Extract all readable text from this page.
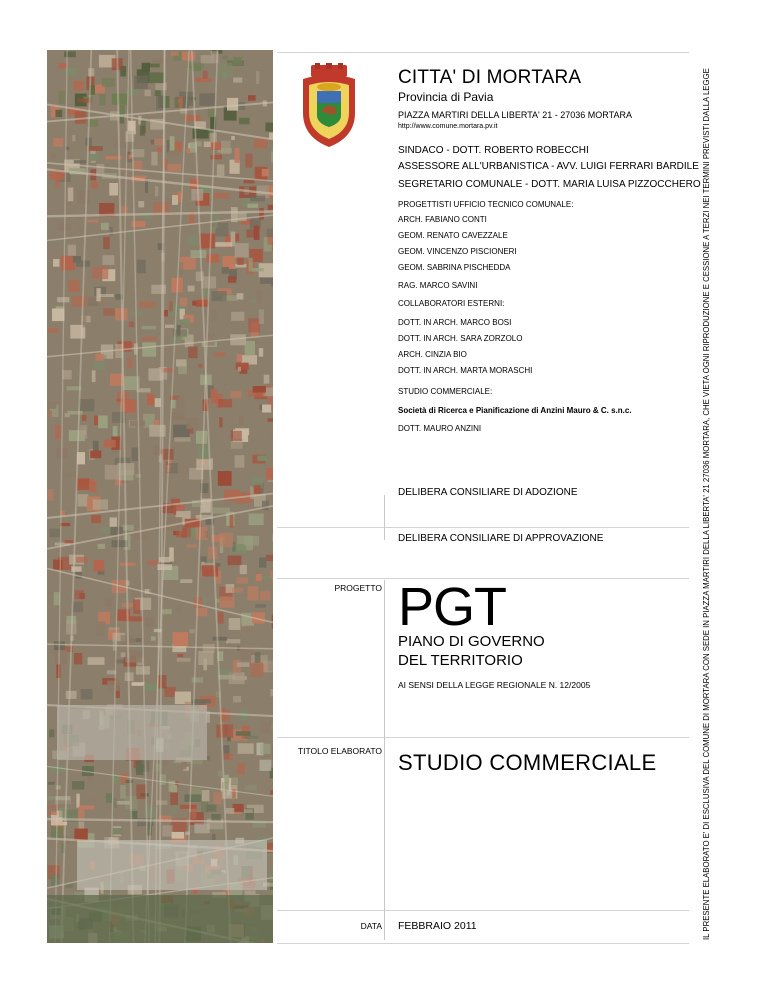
CITTA' DI MORTARA
Provincia di Pavia
PIAZZA MARTIRI DELLA LIBERTA' 21 - 27036 MORTARA
http://www.comune.mortara.pv.it
SINDACO - DOTT. ROBERTO ROBECCHI
ASSESSORE ALL'URBANISTICA - AVV. LUIGI FERRARI BARDILE
SEGRETARIO COMUNALE - DOTT. MARIA LUISA PIZZOCCHERO
PROGETTISTI UFFICIO TECNICO COMUNALE:
ARCH. FABIANO CONTI
GEOM. RENATO CAVEZZALE
GEOM. VINCENZO PISCIONERI
GEOM. SABRINA PISCHEDDA
RAG. MARCO SAVINI
COLLABORATORI ESTERNI:
DOTT. IN ARCH. MARCO BOSI
DOTT. IN ARCH. SARA ZORZOLO
ARCH. CINZIA BIO
DOTT. IN ARCH. MARTA MORASCHI
STUDIO COMMERCIALE:
Società di Ricerca e Pianificazione di Anzini Mauro & C. s.n.c.
DOTT. MAURO ANZINI
DELIBERA CONSILIARE DI ADOZIONE
DELIBERA CONSILIARE DI APPROVAZIONE
PROGETTO PGT
PIANO DI GOVERNO
DEL TERRITORIO
AI SENSI DELLA LEGGE REGIONALE N. 12/2005
TITOLO ELABORATO STUDIO COMMERCIALE
DATA FEBBRAIO 2011	IL PRESENTE ELABORATO E' DI ESCLUSIVA DEL COMUNE DI MORTARA CON SEDE IN PIAZZA MARTIRI DELLA LIBERTA' 21 27036 MORTARA, CHE VIETA OGNI RIPRODUZIONE E CESSIONE A TERZI NEI TERMINI PREVISTI DALLA LEGGE
